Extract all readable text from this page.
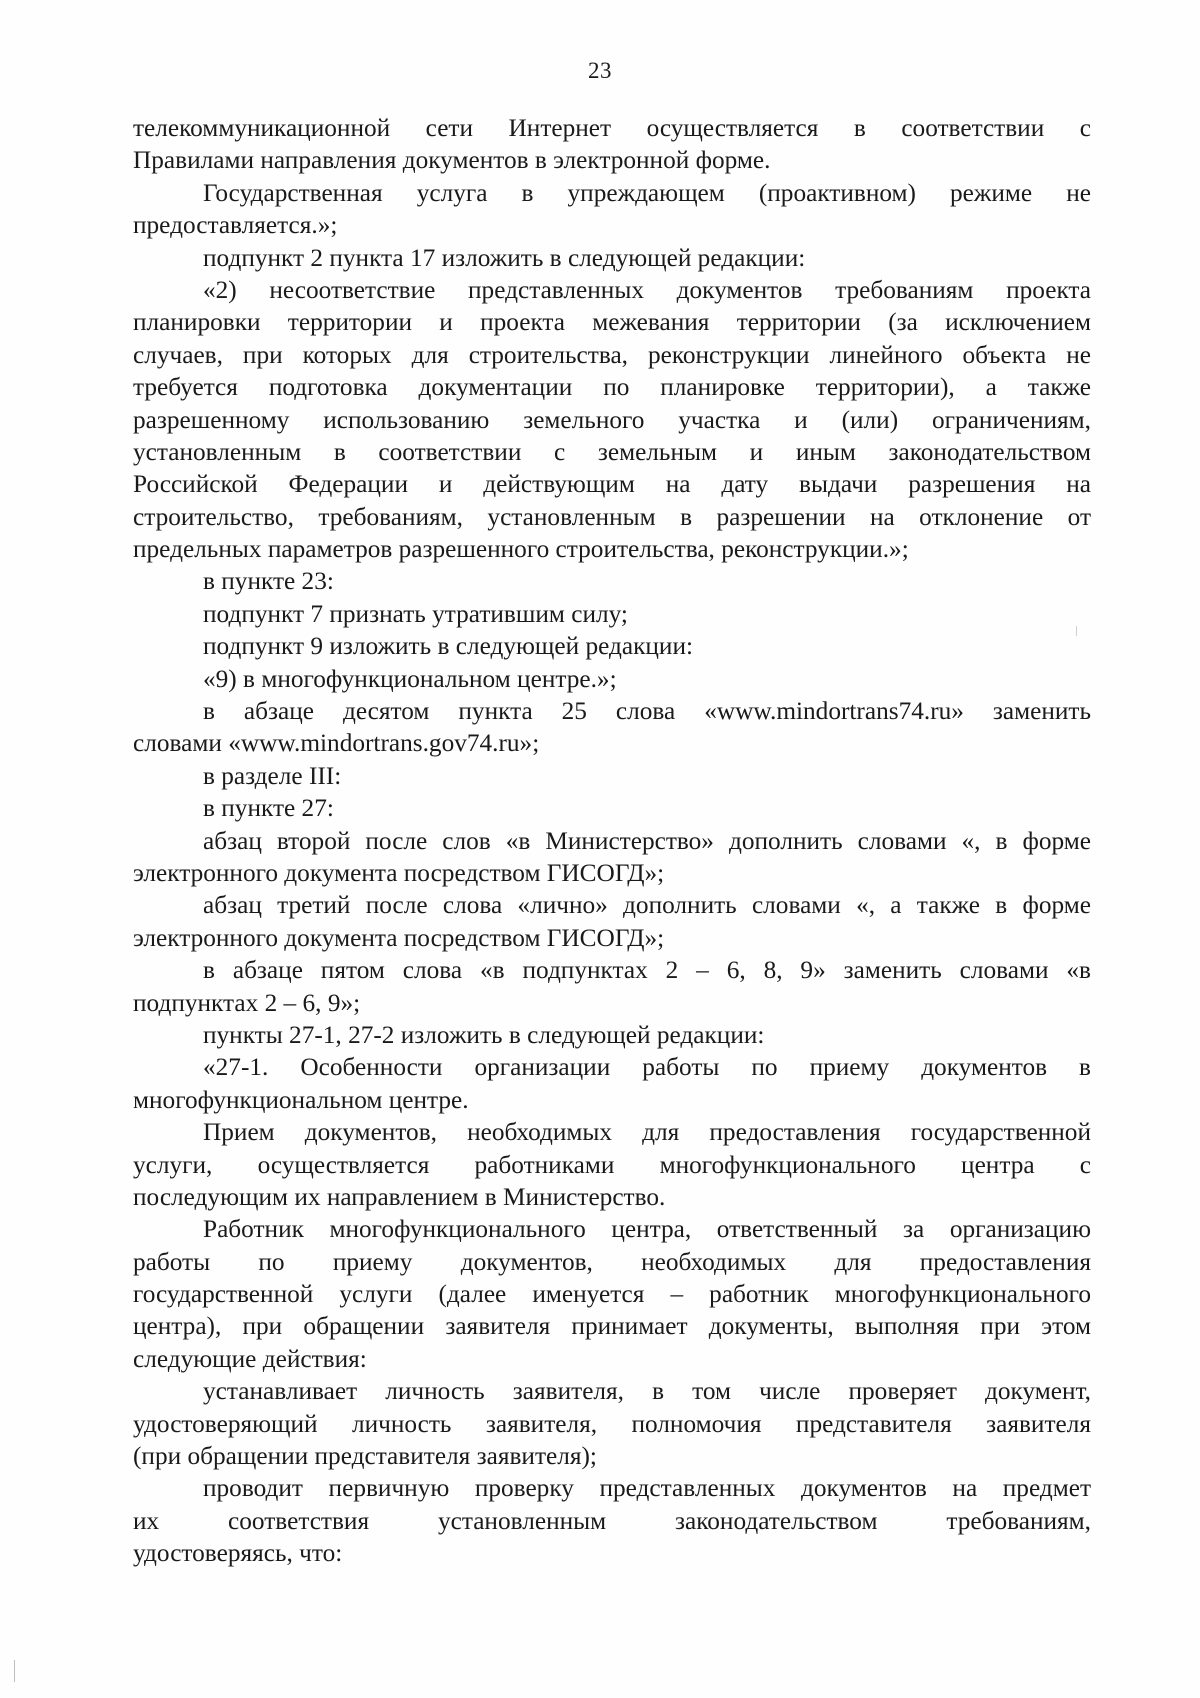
23
телекоммуникационной сети Интернет осуществляется в соответствии с
Правилами направления документов в электронной форме.
Государственная услуга в упреждающем (проактивном) режиме не
предоставляется.»;
подпункт 2 пункта 17 изложить в следующей редакции:
«2) несоответствие представленных документов требованиям проекта
планировки территории и проекта межевания территории (за исключением
случаев, при которых для строительства, реконструкции линейного объекта не
требуется подготовка документации по планировке территории), а также
разрешенному использованию земельного участка и (или) ограничениям,
установленным в соответствии с земельным и иным законодательством
Российской Федерации и действующим на дату выдачи разрешения на
строительство, требованиям, установленным в разрешении на отклонение от
предельных параметров разрешенного строительства, реконструкции.»;
в пункте 23:
подпункт 7 признать утратившим силу;
подпункт 9 изложить в следующей редакции:
«9) в многофункциональном центре.»;
в абзаце десятом пункта 25 слова «www.mindortrans74.ru» заменить
словами «www.mindortrans.gov74.ru»;
в разделе III:
в пункте 27:
абзац второй после слов «в Министерство» дополнить словами «, в форме
электронного документа посредством ГИСОГД»;
абзац третий после слова «лично» дополнить словами «, а также в форме
электронного документа посредством ГИСОГД»;
в абзаце пятом слова «в подпунктах 2 – 6, 8, 9» заменить словами «в
подпунктах 2 – 6, 9»;
пункты 27-1, 27-2 изложить в следующей редакции:
«27-1. Особенности организации работы по приему документов в
многофункциональном центре.
Прием документов, необходимых для предоставления государственной
услуги, осуществляется работниками многофункционального центра с
последующим их направлением в Министерство.
Работник многофункционального центра, ответственный за организацию
работы по приему документов, необходимых для предоставления
государственной услуги (далее именуется – работник многофункционального
центра), при обращении заявителя принимает документы, выполняя при этом
следующие действия:
устанавливает личность заявителя, в том числе проверяет документ,
удостоверяющий личность заявителя, полномочия представителя заявителя
(при обращении представителя заявителя);
проводит первичную проверку представленных документов на предмет
их соответствия установленным законодательством требованиям,
удостоверяясь, что:
